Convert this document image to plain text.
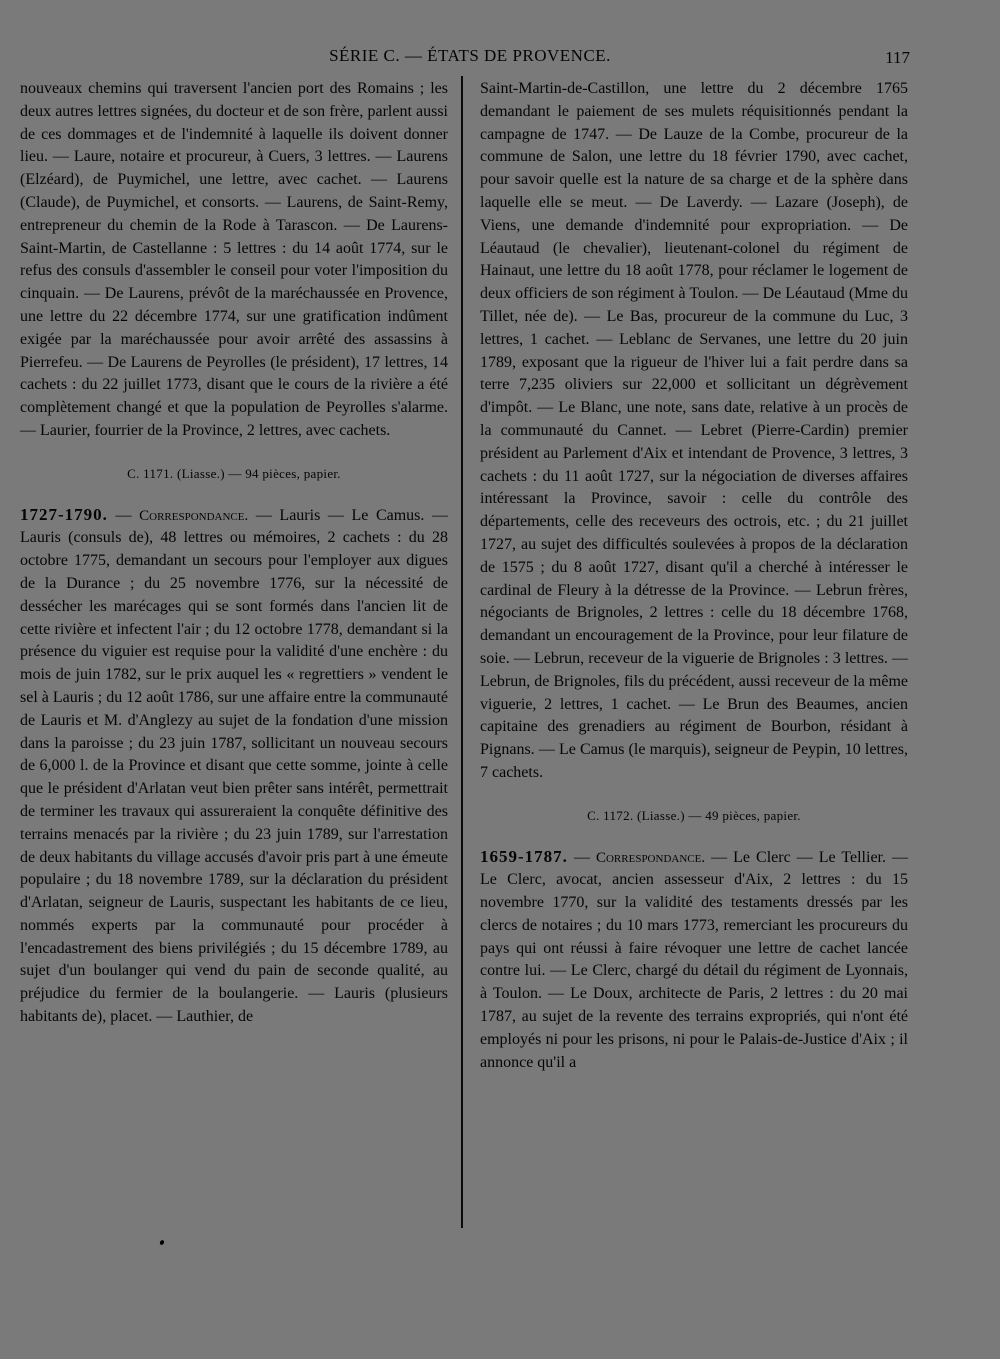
SÉRIE C. — ÉTATS DE PROVENCE.	117

nouveaux chemins qui traversent l'ancien port des Romains ; les deux autres lettres signées, du docteur et de son frère, parlent aussi de ces dommages et de l'indemnité à laquelle ils doivent donner lieu. — Laure, notaire et procureur, à Cuers, 3 lettres. — Laurens (Elzéard), de Puymichel, une lettre, avec cachet. — Laurens (Claude), de Puymichel, et consorts. — Laurens, de Saint-Remy, entrepreneur du chemin de la Rode à Tarascon. — De Laurens-Saint-Martin, de Castellanne : 5 lettres : du 14 août 1774, sur le refus des consuls d'assembler le conseil pour voter l'imposition du cinquain. — De Laurens, prévôt de la maréchaussée en Provence, une lettre du 22 décembre 1774, sur une gratification indûment exigée par la maréchaussée pour avoir arrêté des assassins à Pierrefeu. — De Laurens de Peyrolles (le président), 17 lettres, 14 cachets : du 22 juillet 1773, disant que le cours de la rivière a été complètement changé et que la population de Peyrolles s'alarme. — Laurier, fourrier de la Province, 2 lettres, avec cachets.

C. 1171. (Liasse.) — 94 pièces, papier.

1727-1790. — Correspondance. — Lauris — Le Camus. — Lauris (consuls de), 48 lettres ou mémoires, 2 cachets : du 28 octobre 1775, demandant un secours pour l'employer aux digues de la Durance ; du 25 novembre 1776, sur la nécessité de dessécher les marécages qui se sont formés dans l'ancien lit de cette rivière et infectent l'air ; du 12 octobre 1778, demandant si la présence du viguier est requise pour la validité d'une enchère : du mois de juin 1782, sur le prix auquel les « regrettiers » vendent le sel à Lauris ; du 12 août 1786, sur une affaire entre la communauté de Lauris et M. d'Anglezy au sujet de la fondation d'une mission dans la paroisse ; du 23 juin 1787, sollicitant un nouveau secours de 6,000 l. de la Province et disant que cette somme, jointe à celle que le président d'Arlatan veut bien prêter sans intérêt, permettrait de terminer les travaux qui assureraient la conquête définitive des terrains menacés par la rivière ; du 23 juin 1789, sur l'arrestation de deux habitants du village accusés d'avoir pris part à une émeute populaire ; du 18 novembre 1789, sur la déclaration du président d'Arlatan, seigneur de Lauris, suspectant les habitants de ce lieu, nommés experts par la communauté pour procéder à l'encadastrement des biens privilégiés ; du 15 décembre 1789, au sujet d'un boulanger qui vend du pain de seconde qualité, au préjudice du fermier de la boulangerie. — Lauris (plusieurs habitants de), placet. — Lauthier, de

Saint-Martin-de-Castillon, une lettre du 2 décembre 1765 demandant le paiement de ses mulets réquisitionnés pendant la campagne de 1747. — De Lauze de la Combe, procureur de la commune de Salon, une lettre du 18 février 1790, avec cachet, pour savoir quelle est la nature de sa charge et de la sphère dans laquelle elle se meut. — De Laverdy. — Lazare (Joseph), de Viens, une demande d'indemnité pour expropriation. — De Léautaud (le chevalier), lieutenant-colonel du régiment de Hainaut, une lettre du 18 août 1778, pour réclamer le logement de deux officiers de son régiment à Toulon. — De Léautaud (Mme du Tillet, née de). — Le Bas, procureur de la commune du Luc, 3 lettres, 1 cachet. — Leblanc de Servanes, une lettre du 20 juin 1789, exposant que la rigueur de l'hiver lui a fait perdre dans sa terre 7,235 oliviers sur 22,000 et sollicitant un dégrèvement d'impôt. — Le Blanc, une note, sans date, relative à un procès de la communauté du Cannet. — Lebret (Pierre-Cardin) premier président au Parlement d'Aix et intendant de Provence, 3 lettres, 3 cachets : du 11 août 1727, sur la négociation de diverses affaires intéressant la Province, savoir : celle du contrôle des départements, celle des receveurs des octrois, etc. ; du 21 juillet 1727, au sujet des difficultés soulevées à propos de la déclaration de 1575 ; du 8 août 1727, disant qu'il a cherché à intéresser le cardinal de Fleury à la détresse de la Province. — Lebrun frères, négociants de Brignoles, 2 lettres : celle du 18 décembre 1768, demandant un encouragement de la Province, pour leur filature de soie. — Lebrun, receveur de la viguerie de Brignoles : 3 lettres. — Lebrun, de Brignoles, fils du précédent, aussi receveur de la même viguerie, 2 lettres, 1 cachet. — Le Brun des Beaumes, ancien capitaine des grenadiers au régiment de Bourbon, résidant à Pignans. — Le Camus (le marquis), seigneur de Peypin, 10 lettres, 7 cachets.

C. 1172. (Liasse.) — 49 pièces, papier.

1659-1787. — Correspondance. — Le Clerc — Le Tellier. — Le Clerc, avocat, ancien assesseur d'Aix, 2 lettres : du 15 novembre 1770, sur la validité des testaments dressés par les clercs de notaires ; du 10 mars 1773, remerciant les procureurs du pays qui ont réussi à faire révoquer une lettre de cachet lancée contre lui. — Le Clerc, chargé du détail du régiment de Lyonnais, à Toulon. — Le Doux, architecte de Paris, 2 lettres : du 20 mai 1787, au sujet de la revente des terrains expropriés, qui n'ont été employés ni pour les prisons, ni pour le Palais-de-Justice d'Aix ; il annonce qu'il a
